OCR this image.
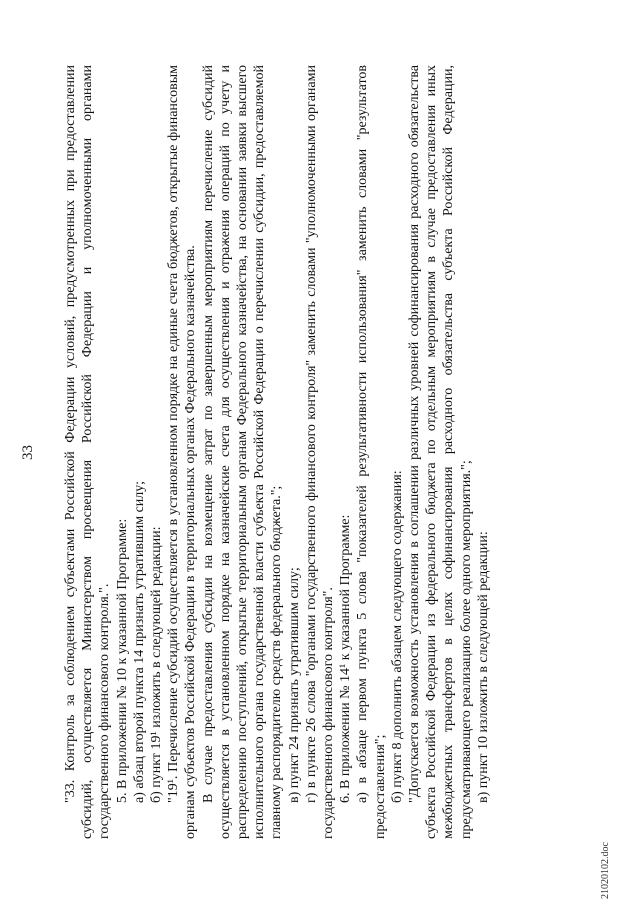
33 "33. Контроль за соблюдением субъектами Российской Федерации условий, предусмотренных при предоставлении субсидий, осуществляется Министерством просвещения Российской Федерации и уполномоченными органами государственного финансового контроля.". 5. В приложении № 10 к указанной Программе: а) абзац второй пункта 14 признать утратившим силу; б) пункт 19¹ изложить в следующей редакции: "19¹. Перечисление субсидий осуществляется в установленном порядке на единые счета бюджетов, открытые финансовым органам субъектов Российской Федерации в территориальных органах Федерального казначейства. В случае предоставления субсидии на возмещение затрат по завершенным мероприятиям перечисление субсидий осуществляется в установленном порядке на казначейские счета для осуществления и отражения операций по учету и распределению поступлений, открытые территориальным органам Федерального казначейства, на основании заявки высшего исполнительного органа государственной власти субъекта Российской Федерации о перечислении субсидии, предоставляемой главному распорядителю средств федерального бюджета."; в) пункт 24 признать утратившим силу; г) в пункте 26 слова "органами государственного финансового контроля" заменить словами "уполномоченными органами государственного финансового контроля". 6. В приложении № 14¹ к указанной Программе: а) в абзаце первом пункта 5 слова "показателей результативности использования" заменить словами "результатов предоставления"; б) пункт 8 дополнить абзацем следующего содержания: "Допускается возможность установления в соглашении различных уровней софинансирования расходного обязательства субъекта Российской Федерации из федерального бюджета по отдельным мероприятиям в случае предоставления иных межбюджетных трансфертов в целях софинансирования расходного обязательства субъекта Российской Федерации, предусматривающего реализацию более одного мероприятия."; в) пункт 10 изложить в следующей редакции:

21020102.doc
